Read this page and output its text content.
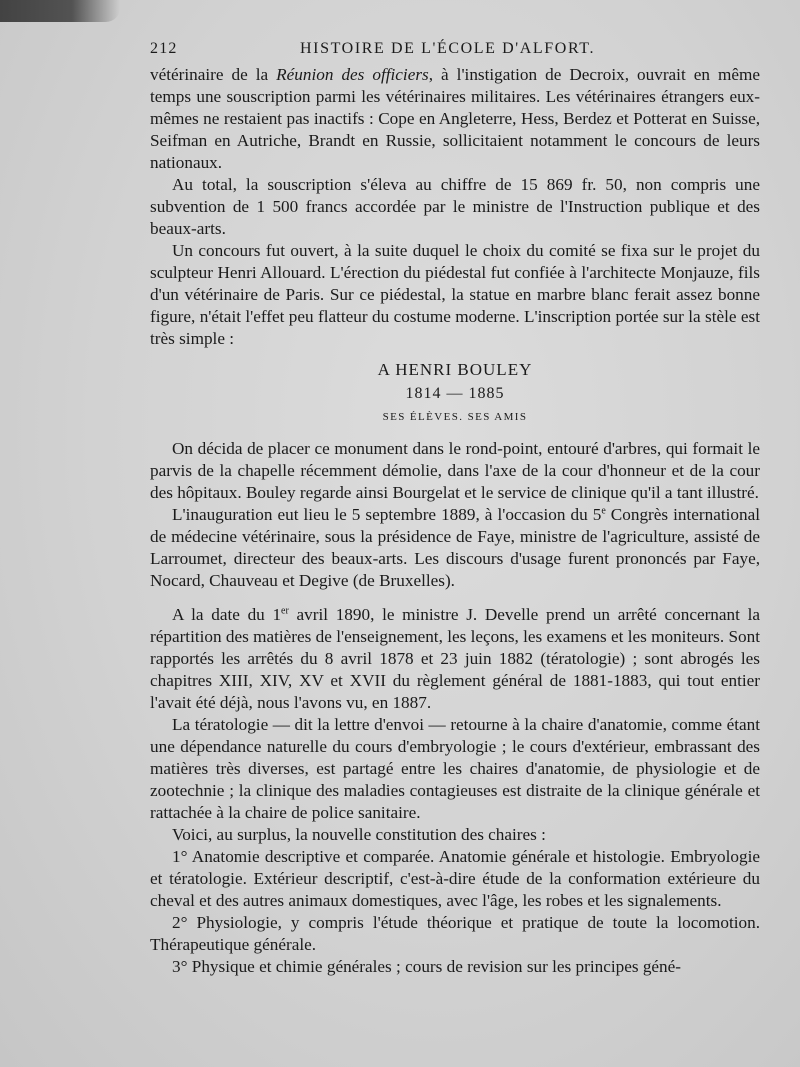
212	HISTOIRE DE L'ÉCOLE D'ALFORT.

vétérinaire de la Réunion des officiers, à l'instigation de Decroix, ouvrait en même temps une souscription parmi les vétérinaires militaires. Les vétérinaires étrangers eux-mêmes ne restaient pas inactifs : Cope en Angleterre, Hess, Berdez et Potterat en Suisse, Seifman en Autriche, Brandt en Russie, sollicitaient notamment le concours de leurs nationaux.

Au total, la souscription s'éleva au chiffre de 15 869 fr. 50, non compris une subvention de 1 500 francs accordée par le ministre de l'Instruction publique et des beaux-arts.

Un concours fut ouvert, à la suite duquel le choix du comité se fixa sur le projet du sculpteur Henri Allouard. L'érection du piédestal fut confiée à l'architecte Monjauze, fils d'un vétérinaire de Paris. Sur ce piédestal, la statue en marbre blanc ferait assez bonne figure, n'était l'effet peu flatteur du costume moderne. L'inscription portée sur la stèle est très simple :

A HENRI BOULEY
1814 — 1885
SES ÉLÈVES. SES AMIS

On décida de placer ce monument dans le rond-point, entouré d'arbres, qui formait le parvis de la chapelle récemment démolie, dans l'axe de la cour d'honneur et de la cour des hôpitaux. Bouley regarde ainsi Bourgelat et le service de clinique qu'il a tant illustré.

L'inauguration eut lieu le 5 septembre 1889, à l'occasion du 5e Congrès international de médecine vétérinaire, sous la présidence de Faye, ministre de l'agriculture, assisté de Larroumet, directeur des beaux-arts. Les discours d'usage furent prononcés par Faye, Nocard, Chauveau et Degive (de Bruxelles).

A la date du 1er avril 1890, le ministre J. Develle prend un arrêté concernant la répartition des matières de l'enseignement, les leçons, les examens et les moniteurs. Sont rapportés les arrêtés du 8 avril 1878 et 23 juin 1882 (tératologie) ; sont abrogés les chapitres XIII, XIV, XV et XVII du règlement général de 1881-1883, qui tout entier l'avait été déjà, nous l'avons vu, en 1887.

La tératologie — dit la lettre d'envoi — retourne à la chaire d'anatomie, comme étant une dépendance naturelle du cours d'embryologie ; le cours d'extérieur, embrassant des matières très diverses, est partagé entre les chaires d'anatomie, de physiologie et de zootechnie ; la clinique des maladies contagieuses est distraite de la clinique générale et rattachée à la chaire de police sanitaire.

Voici, au surplus, la nouvelle constitution des chaires :

1° Anatomie descriptive et comparée. Anatomie générale et histologie. Embryologie et tératologie. Extérieur descriptif, c'est-à-dire étude de la conformation extérieure du cheval et des autres animaux domestiques, avec l'âge, les robes et les signalements.

2° Physiologie, y compris l'étude théorique et pratique de toute la locomotion. Thérapeutique générale.

3° Physique et chimie générales ; cours de revision sur les principes géné-
